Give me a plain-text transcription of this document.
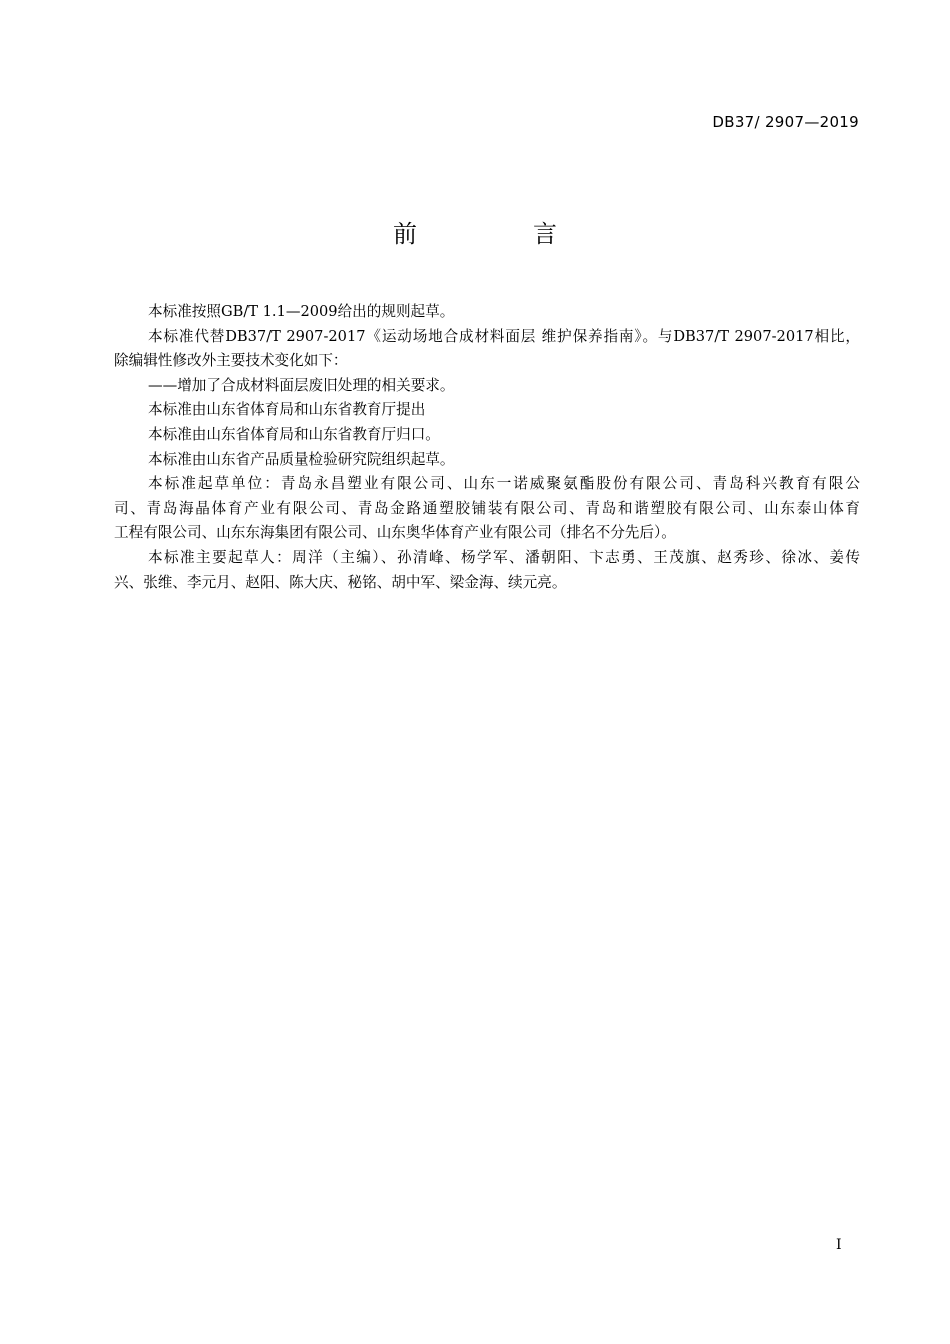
DB37/ 2907—2019
前　言
本标准按照GB/T 1.1—2009给出的规则起草。
本标准代替DB37/T 2907-2017《运动场地合成材料面层 维护保养指南》。与DB37/T 2907-2017相比，
除编辑性修改外主要技术变化如下：
——增加了合成材料面层废旧处理的相关要求。
本标准由山东省体育局和山东省教育厅提出
本标准由山东省体育局和山东省教育厅归口。
本标准由山东省产品质量检验研究院组织起草。
本标准起草单位：青岛永昌塑业有限公司、山东一诺威聚氨酯股份有限公司、青岛科兴教育有限公
司、青岛海晶体育产业有限公司、青岛金路通塑胶铺装有限公司、青岛和谐塑胶有限公司、山东泰山体育
工程有限公司、山东东海集团有限公司、山东奥华体育产业有限公司（排名不分先后）。
本标准主要起草人：周洋（主编）、孙清峰、杨学军、潘朝阳、卞志勇、王茂旗、赵秀珍、徐冰、姜传
兴、张维、李元月、赵阳、陈大庆、秘铭、胡中军、梁金海、续元亮。
I
